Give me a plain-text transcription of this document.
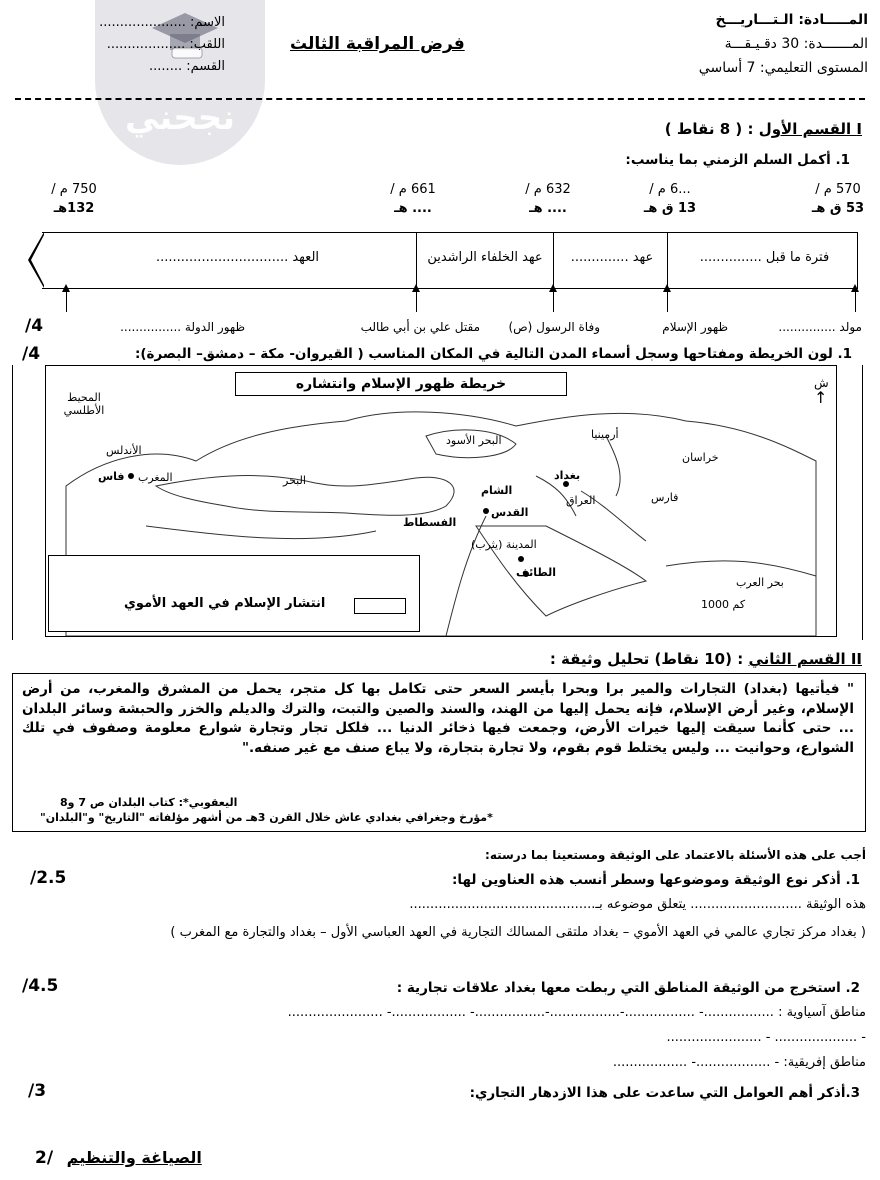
نجحني
المـــــادة: الـتـــاريـــخ
المـــــــدة: 30 دقـيـقـــة
المستوى التعليمي: 7 أساسي
الاسم: .....................
اللقب: ...................
القسم: ........
فرض المراقبة الثالث
I القسم الأول : ( 8 نقاط )
1. أكمل السلم الزمني بما يناسب:
570 م /
53 ق هـ
...6 م /
13 ق هـ
632 م /
.... هـ
661 م /
.... هـ
750 م /
132هـ
فترة ما قبل ...............
عهد ..............
عهد الخلفاء الراشدين
العهد ................................
مولد ...............
ظهور الإسلام
وفاة الرسول (ص)
مقتل علي بن أبي طالب
ظهور الدولة ................
/4
1. لون الخريطة ومفتاحها وسجل أسماء المدن التالية في المكان المناسب ( القيروان- مكة – دمشق– البصرة):
/4
المحيط الأطلسي
الأندلس
المغرب
فاس
البحر الأسود
خراسان
فارس
بغداد
الشام
القدس
الفسطاط
المدينة (يثرب)
الطائف
بحر العرب
أرمينيا
العراق
البحر
ش
↑
1000 كم
خريطة ظهور الإسلام وانتشاره
انتشار الإسلام في العهد الأموي
II القسم الثاني : (10 نقاط) تحليل وثيقة :
" فيأتيها (بغداد) التجارات والمير برا وبحرا بأيسر السعر حتى تكامل بها كل متجر، يحمل من المشرق والمغرب، من أرض الإسلام، وغير أرض الإسلام، فإنه يحمل إليها من الهند، والسند والصين والتبت، والترك والديلم والخزر والحبشة وسائر البلدان ... حتى كأنما سيقت إليها خيرات الأرض، وجمعت فيها ذخائر الدنيا ... فلكل تجار وتجارة شوارع معلومة وصفوف في تلك الشوارع، وحوانيت ... وليس يختلط قوم بقوم، ولا تجارة بتجارة، ولا يباع صنف مع غير صنفه."
اليعقوبي*: كتاب البلدان ص 7 و8
*مؤرخ وجغرافي بغدادي عاش خلال القرن 3هـ من أشهر مؤلفاته "التاريخ" و"البلدان"
أجب على هذه الأسئلة بالاعتماد على الوثيقة ومستعينا بما درسته:
1. أذكر نوع الوثيقة وموضوعها وسطر أنسب هذه العناوين لها:
/2.5
هذه الوثيقة ........................... يتعلق موضوعه بـ.............................................
( بغداد مركز تجاري عالمي في العهد الأموي – بغداد ملتقى المسالك التجارية في العهد العباسي الأول – بغداد والتجارة مع المغرب )
2. استخرج من الوثيقة المناطق التي ربطت معها بغداد علاقات تجارية :
/4.5
مناطق آسياوية : .................- .................-.................-.................- ..................- .......................
- .................... - .......................
مناطق إفريقية: - ..................- ..................
3.أذكر أهم العوامل التي ساعدت على هذا الازدهار التجاري:
/3
الصياغة والتنظيم /2
